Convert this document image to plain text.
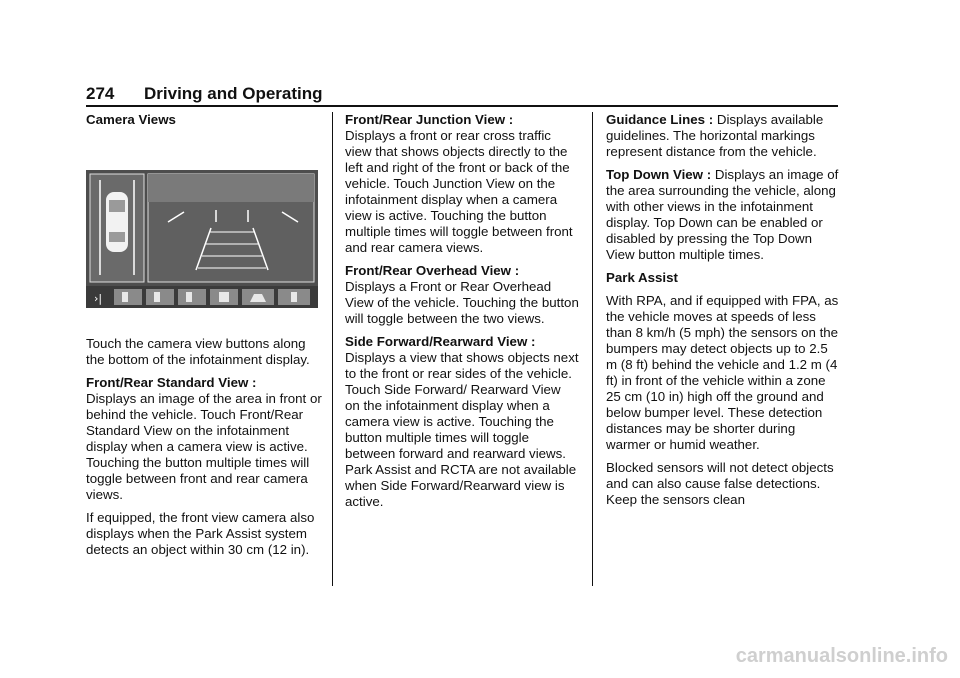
274 Driving and Operating

Camera Views

›|

Touch the camera view buttons along the bottom of the infotainment display.

Front/Rear Standard View :
Displays an image of the area in front or behind the vehicle. Touch Front/Rear Standard View on the infotainment display when a camera view is active. Touching the button multiple times will toggle between front and rear camera views.

If equipped, the front view camera also displays when the Park Assist system detects an object within 30 cm (12 in).

Front/Rear Junction View :
Displays a front or rear cross traffic view that shows objects directly to the left and right of the front or back of the vehicle. Touch Junction View on the infotainment display when a camera view is active. Touching the button multiple times will toggle between front and rear camera views.

Front/Rear Overhead View :
Displays a Front or Rear Overhead View of the vehicle. Touching the button will toggle between the two views.

Side Forward/Rearward View :
Displays a view that shows objects next to the front or rear sides of the vehicle. Touch Side Forward/ Rearward View on the infotainment display when a camera view is active. Touching the button multiple times will toggle between forward and rearward views. Park Assist and RCTA are not available when Side Forward/Rearward view is active.

Guidance Lines : Displays available guidelines. The horizontal markings represent distance from the vehicle.

Top Down View : Displays an image of the area surrounding the vehicle, along with other views in the infotainment display. Top Down can be enabled or disabled by pressing the Top Down View button multiple times.

Park Assist

With RPA, and if equipped with FPA, as the vehicle moves at speeds of less than 8 km/h (5 mph) the sensors on the bumpers may detect objects up to 2.5 m (8 ft) behind the vehicle and 1.2 m (4 ft) in front of the vehicle within a zone 25 cm (10 in) high off the ground and below bumper level. These detection distances may be shorter during warmer or humid weather.

Blocked sensors will not detect objects and can also cause false detections. Keep the sensors clean

carmanualsonline.info
